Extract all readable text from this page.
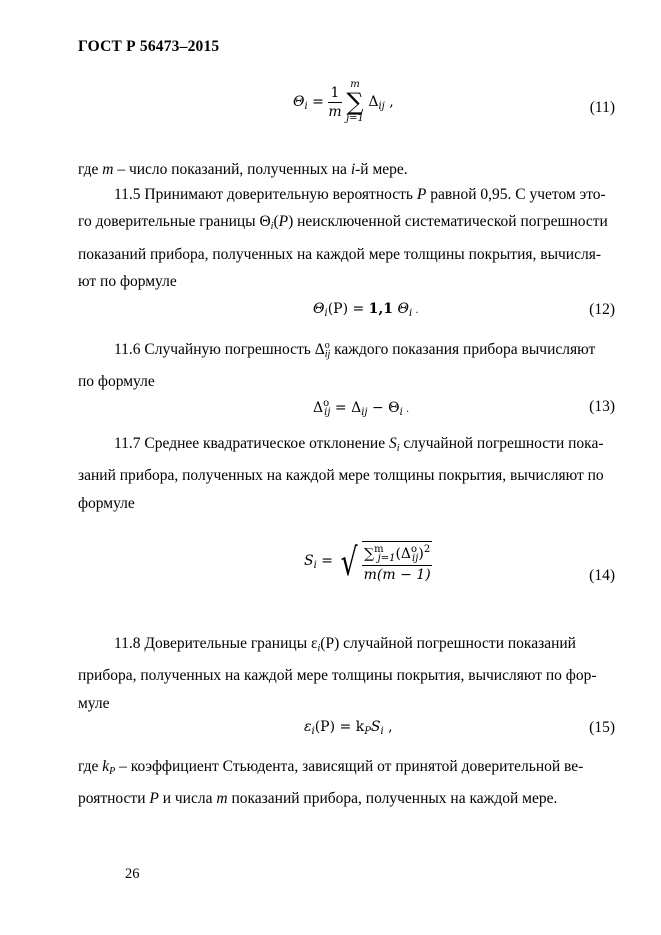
ГОСТ Р 56473–2015
$\Theta_i = \frac{1}{m}$
m
∑
j=1
$\Delta_{ij}$ ,	(11)
где m – число показаний, полученных на i-й мере.

11.5 Принимают доверительную вероятность P равной 0,95. С учетом это-

го доверительные границы $\Theta_i(P)$ неисключенной систематической погрешности

показаний прибора, полученных на каждой мере толщины покрытия, вычисля-

ют по формуле

$\Theta_i(P) = 1,1$ $\Theta_i$ .	(12)

11.6 Случайную погрешность $\Delta^o_{ij}$ каждого показания прибора вычисляют

по формуле

$\Delta^o_{ij} = \Delta_{ij} - \Theta_i$ .	(13)

11.7 Среднее квадратическое отклонение $S_i$ случайной погрешности пока-

заний прибора, полученных на каждой мере толщины покрытия, вычисляют по

формуле

$S_i$ = √ $\frac{\sum^m_{j=1}(\Delta^o_{ij})^2}{m(m - 1)}$	(14)

11.8 Доверительные границы $\varepsilon_i(P)$ случайной погрешности показаний

прибора, полученных на каждой мере толщины покрытия, вычисляют по фор-

муле

$\varepsilon_i(P) = k_PS_i$ ,	(15)

где $k_P$ – коэффициент Стьюдента, зависящий от принятой доверительной ве-

роятности P и числа m показаний прибора, полученных на каждой мере.

26
